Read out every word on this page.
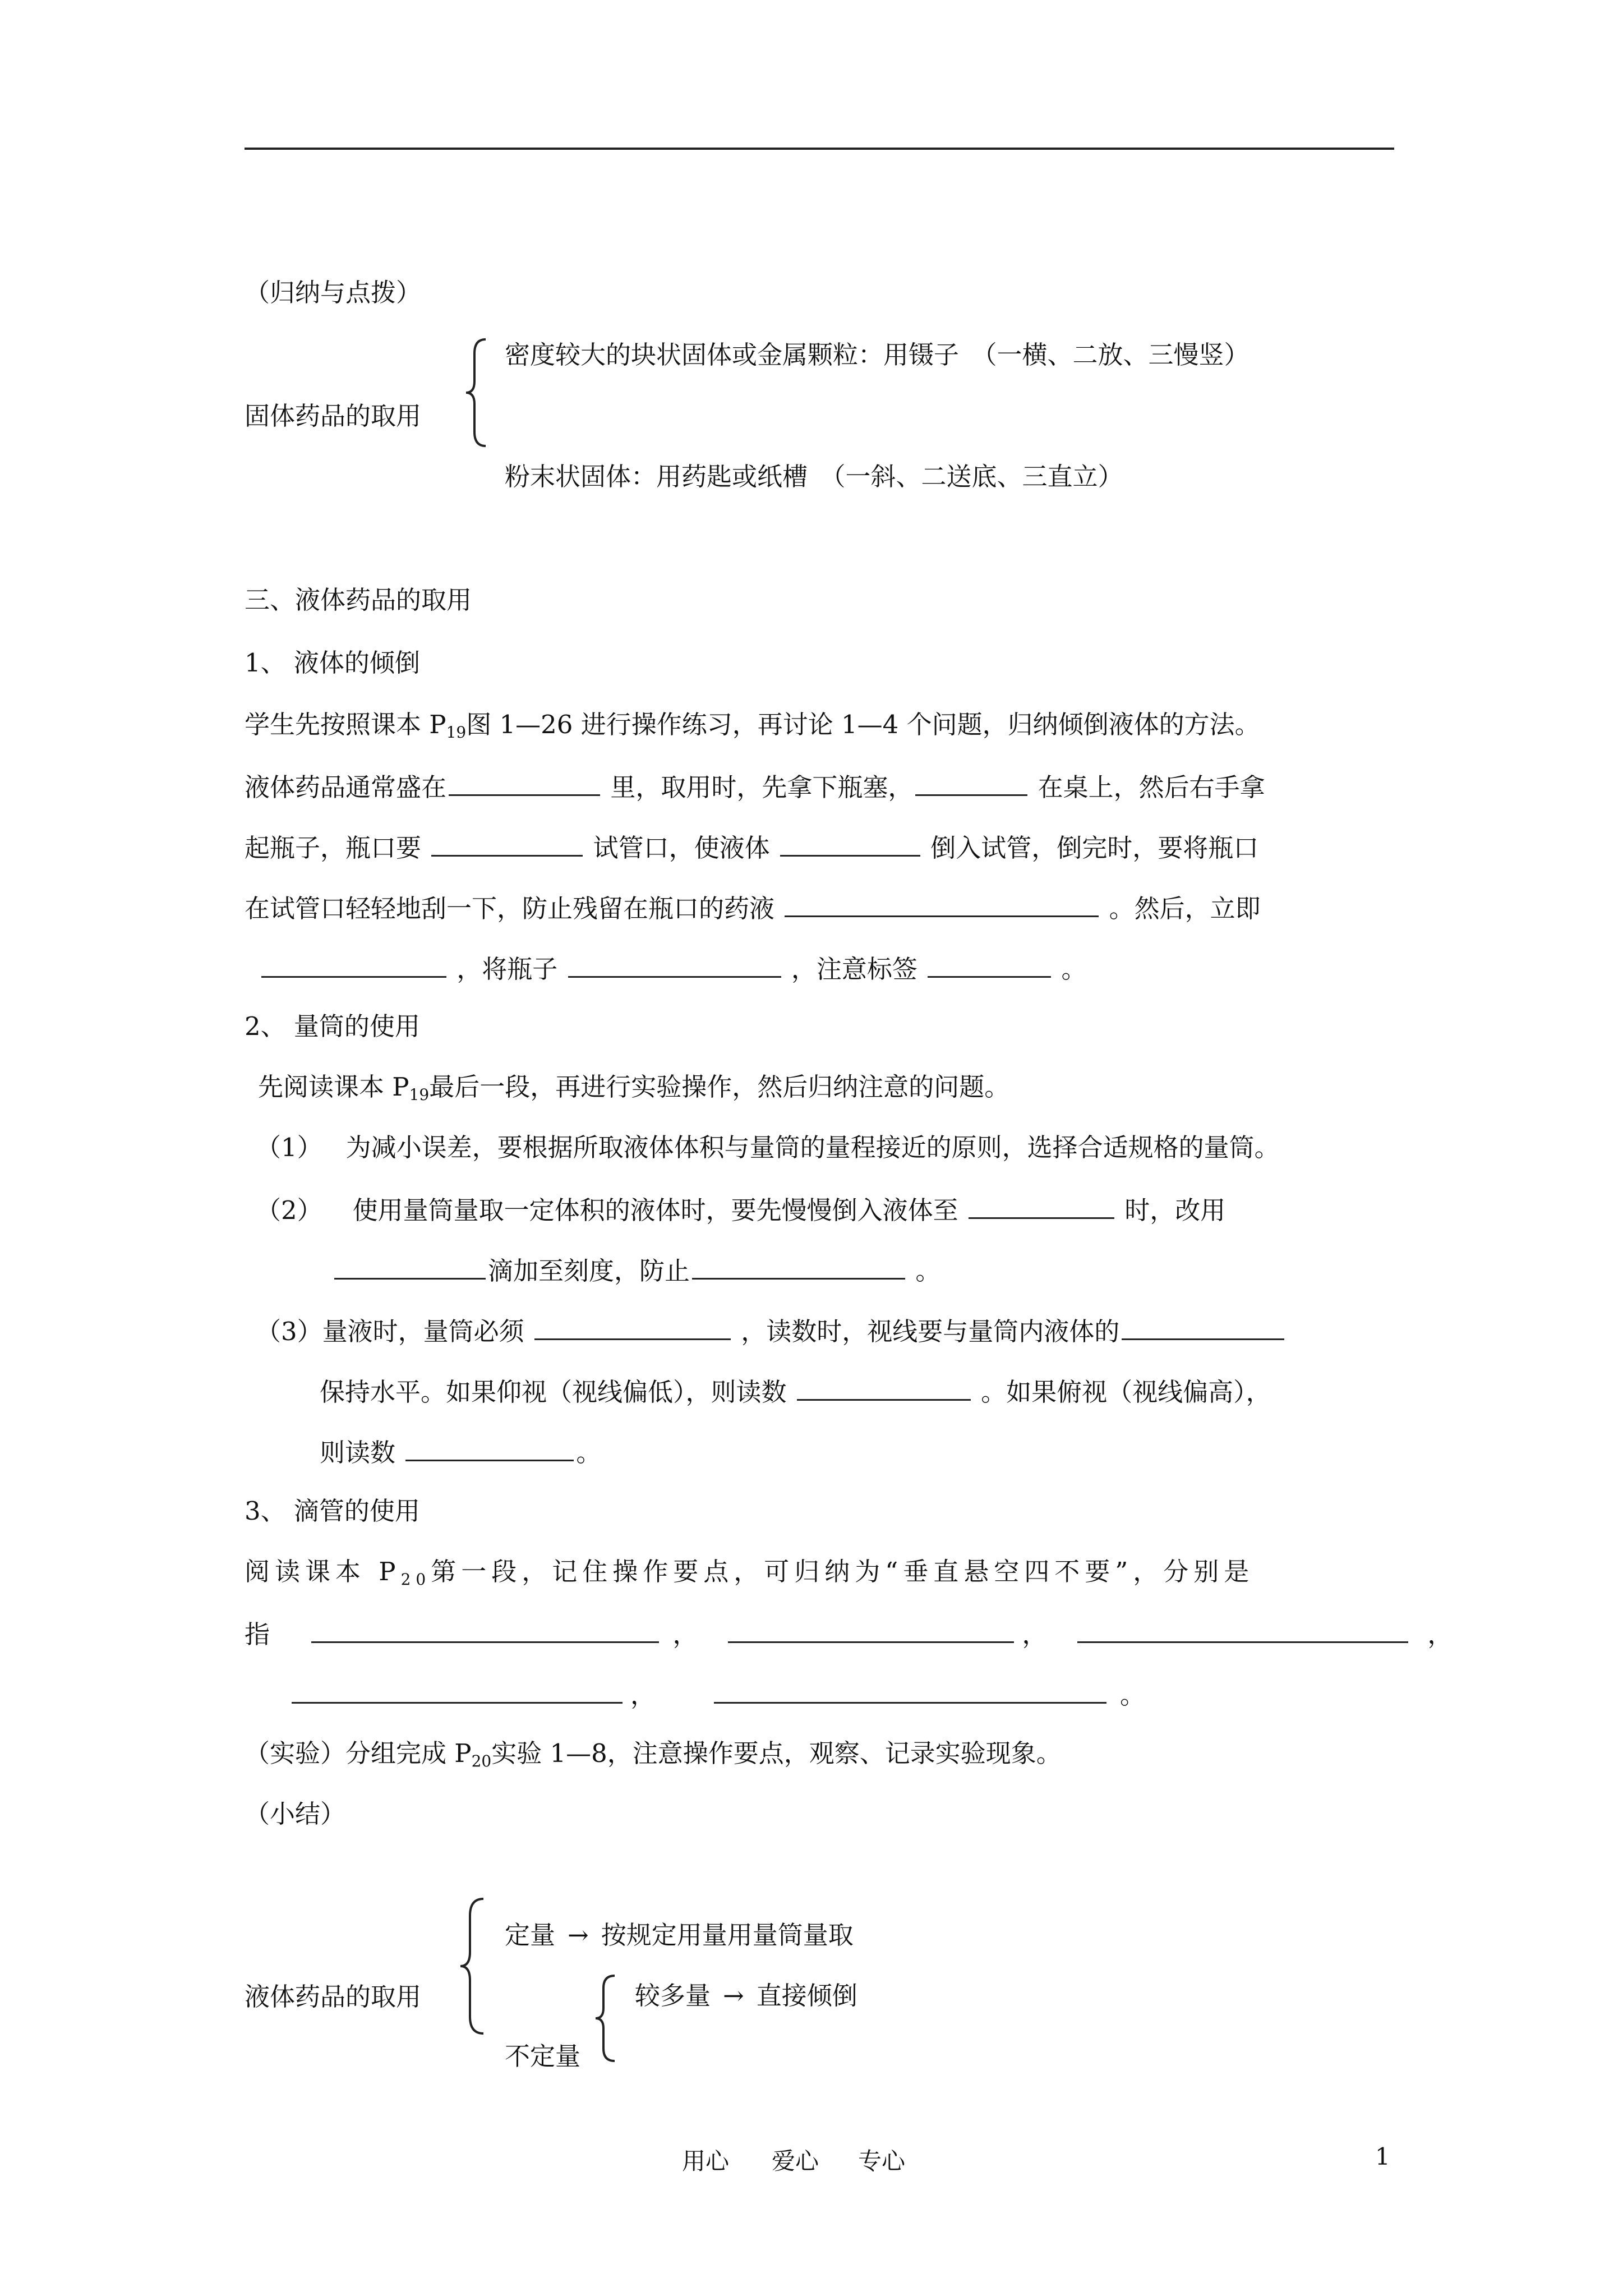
（归纳与点拨）
固体药品的取用
密度较大的块状固体或金属颗粒：用镊子　（一横、二放、三慢竖）
粉末状固体：用药匙或纸槽　（一斜、二送底、三直立）
三、液体药品的取用
1、 液体的倾倒
学生先按照课本 $P_{19}$图 1—26 进行操作练习，再讨论 1—4 个问题，归纳倾倒液体的方法。
液体药品通常盛在	里，取用时，先拿下瓶塞，	在桌上，然后右手拿
起瓶子，瓶口要	试管口，使液体	倒入试管，倒完时，要将瓶口
在试管口轻轻地刮一下，防止残留在瓶口的药液	。然后，立即
，将瓶子	，注意标签	。
2、 量筒的使用
先阅读课本 $P_{19}$最后一段，再进行实验操作，然后归纳注意的问题。
（1） 为减小误差，要根据所取液体体积与量筒的量程接近的原则，选择合适规格的量筒。
（2） 使用量筒量取一定体积的液体时，要先慢慢倒入液体至	时，改用
滴加至刻度，防止	。
（3）量液时，量筒必须	，读数时，视线要与量筒内液体的
保持水平。如果仰视（视线偏低），则读数	。如果俯视（视线偏高），
则读数	。
3、 滴管的使用
阅读课本 $P_{20}$第一段，记住操作要点，可归纳为“垂直悬空四不要”，分别是
指	，	，	，
，	。
（实验）分组完成 $P_{20}$实验 1—8，注意操作要点，观察、记录实验现象。
（小结）
液体药品的取用
定量 → 按规定用量用量筒量取
较多量 → 直接倾倒
不定量
用心 爱心 专心	1
